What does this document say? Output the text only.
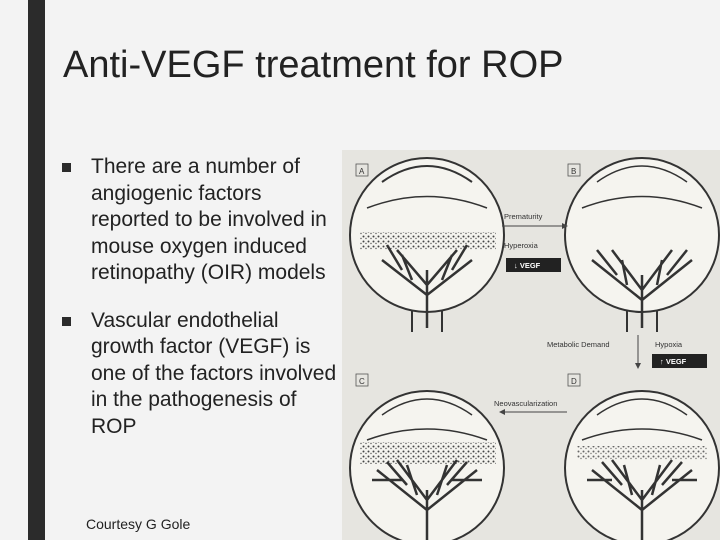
Anti-VEGF treatment for ROP
There are a number of angiogenic factors reported to be involved in mouse oxygen induced retinopathy (OIR) models
Vascular endothelial growth factor (VEGF) is one of the factors involved in the pathogenesis of ROP
Courtesy G Gole
A	B
Prematurity
Hyperoxia
↓ VEGF
Metabolic Demand	Hypoxia
↑ VEGF
Neovascularization
C	D
